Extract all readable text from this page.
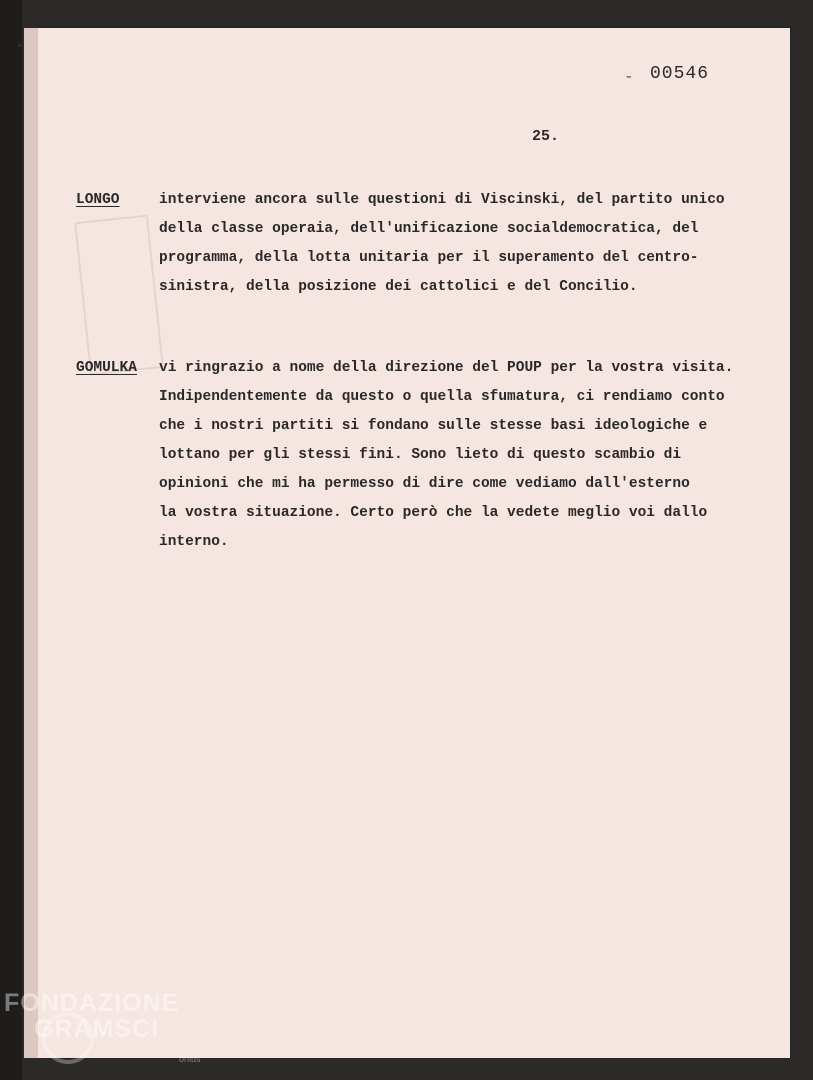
- 00546
25.
LONGO	interviene ancora sulle questioni di Viscinski, del partito unico
della classe operaia, dell'unificazione socialdemocratica, del
programma, della lotta unitaria per il superamento del centro-
sinistra, della posizione dei cattolici e del Concilio.
GOMULKA vi ringrazio a nome della direzione del POUP per la vostra visita.
Indipendentemente da questo o quella sfumatura, ci rendiamo conto
che i nostri partiti si fondano sulle stesse basi ideologiche e
lottano per gli stessi fini. Sono lieto di questo scambio di
opinioni che mi ha permesso di dire come vediamo dall'esterno
la vostra situazione. Certo però che la vedete meglio voi dallo
interno.
FONDAZIONE
GRAMSCI
onlus
